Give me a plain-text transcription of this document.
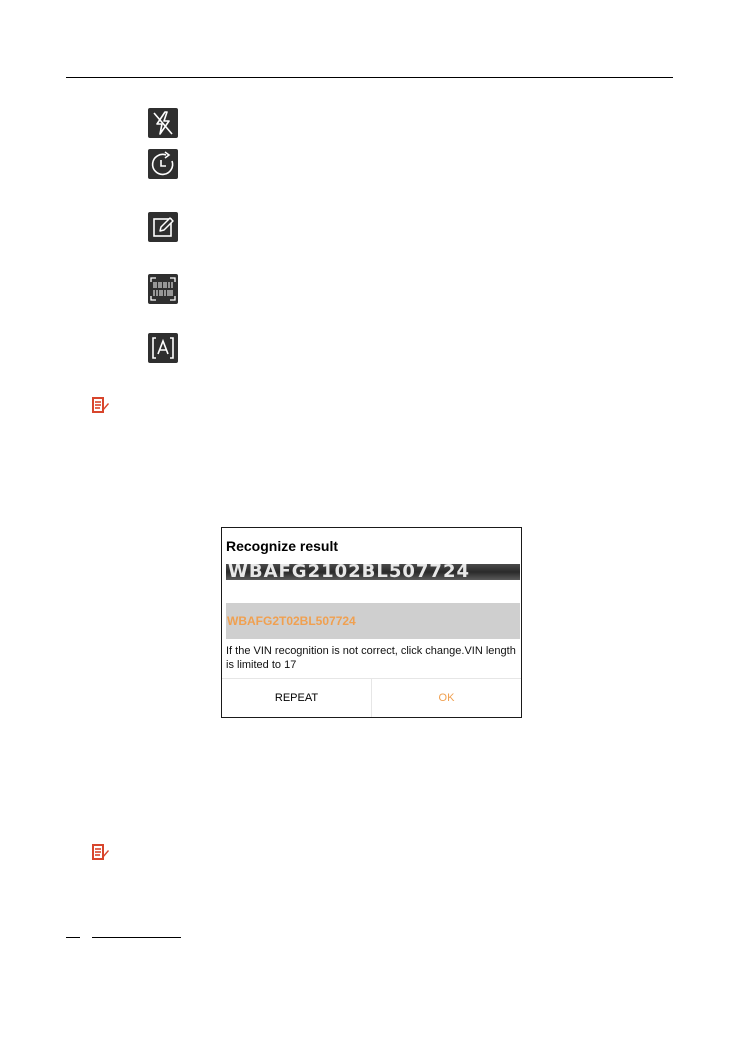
Recognize result
WBAFG2102BL507724
WBAFG2T02BL507724
If the VIN recognition is not correct, click change.VIN length is limited to 17
REPEAT	OK
